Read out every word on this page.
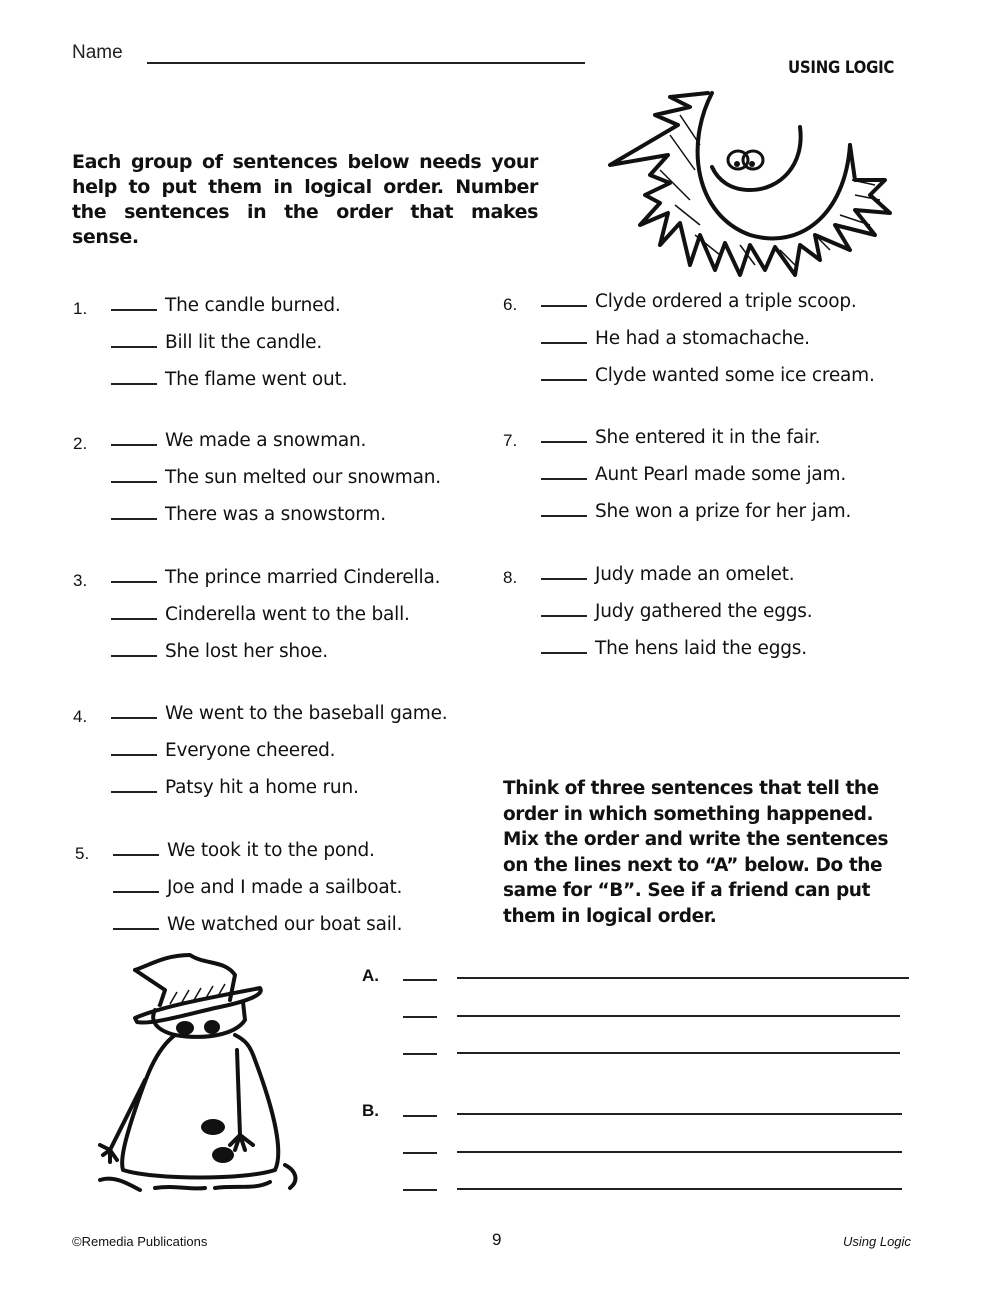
Name
USING LOGIC
Each group of sentences below needs your help to put them in logical order. Number the sentences in the order that makes sense.
1.	The candle burned.
Bill lit the candle.
The flame went out.
2.	We made a snowman.
The sun melted our snowman.
There was a snowstorm.
3.	The prince married Cinderella.
Cinderella went to the ball.
She lost her shoe.
4.	We went to the baseball game.
Everyone cheered.
Patsy hit a home run.
5.	We took it to the pond.
Joe and I made a sailboat.
We watched our boat sail.
6.	Clyde ordered a triple scoop.
He had a stomachache.
Clyde wanted some ice cream.
7.	She entered it in the fair.
Aunt Pearl made some jam.
She won a prize for her jam.
8.	Judy made an omelet.
Judy gathered the eggs.
The hens laid the eggs.
Think of three sentences that tell the order in which something happened. Mix the order and write the sentences on the lines next to “A” below. Do the same for “B”. See if a friend can put them in logical order.
A.
B.
©Remedia Publications	9	Using Logic
